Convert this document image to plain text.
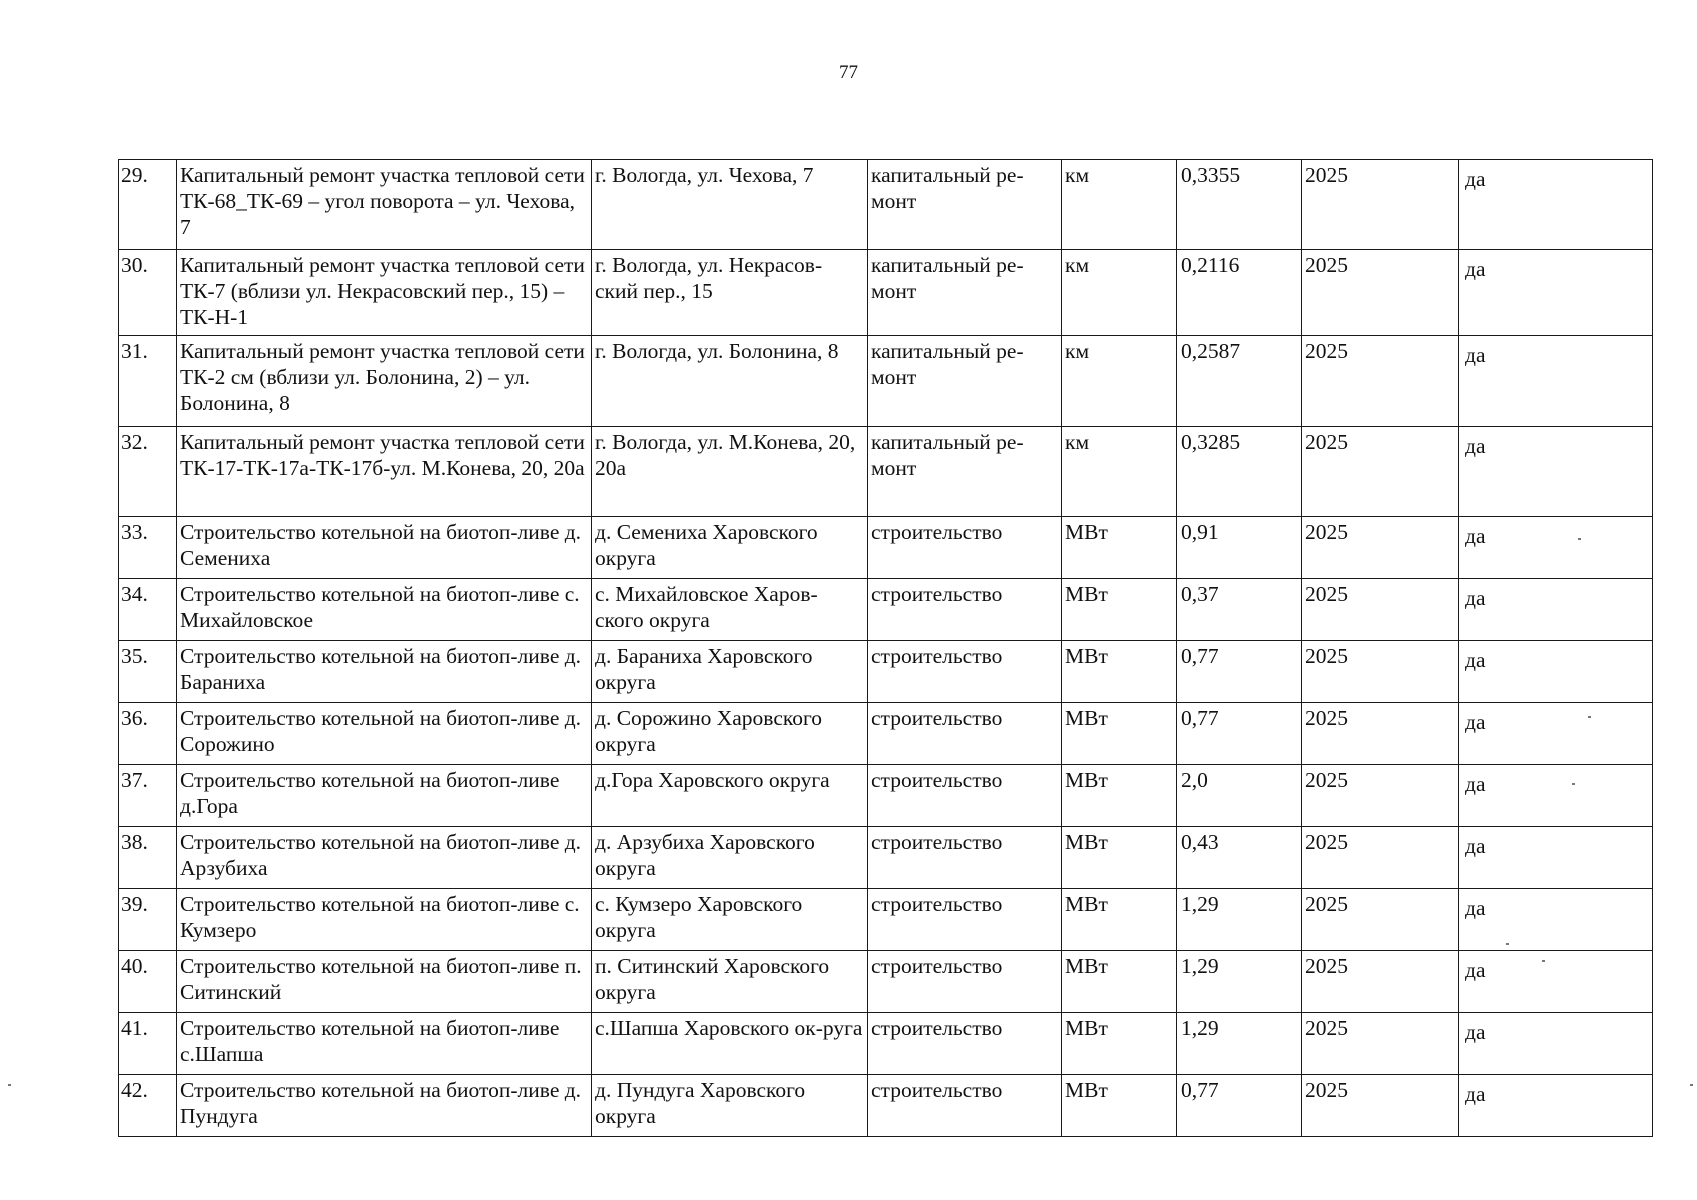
77
29.	Капитальный ремонт участка тепловой сети ТК-68_ТК-69 – угол поворота – ул. Чехова, 7	г. Вологда, ул. Чехова, 7	капитальный ре-монт	км	0,3355	2025	да
30.	Капитальный ремонт участка тепловой сети ТК-7 (вблизи ул. Некрасовский пер., 15) – ТК-Н-1	г. Вологда, ул. Некрасов-ский пер., 15	капитальный ре-монт	км	0,2116	2025	да
31.	Капитальный ремонт участка тепловой сети ТК-2 см (вблизи ул. Болонина, 2) – ул. Болонина, 8	г. Вологда, ул. Болонина, 8	капитальный ре-монт	км	0,2587	2025	да
32.	Капитальный ремонт участка тепловой сети ТК-17-ТК-17а-ТК-17б-ул. М.Конева, 20, 20а	г. Вологда, ул. М.Конева, 20, 20а	капитальный ре-монт	км	0,3285	2025	да
33.	Строительство котельной на биотоп-ливе д. Семениха	д. Семениха Харовского округа	строительство	МВт	0,91	2025	да
34.	Строительство котельной на биотоп-ливе с. Михайловское	с. Михайловское Харов-ского округа	строительство	МВт	0,37	2025	да
35.	Строительство котельной на биотоп-ливе д. Бараниха	д. Бараниха Харовского округа	строительство	МВт	0,77	2025	да
36.	Строительство котельной на биотоп-ливе д. Сорожино	д. Сорожино Харовского округа	строительство	МВт	0,77	2025	да
37.	Строительство котельной на биотоп-ливе д.Гора	д.Гора Харовского округа	строительство	МВт	2,0	2025	да
38.	Строительство котельной на биотоп-ливе д. Арзубиха	д. Арзубиха Харовского округа	строительство	МВт	0,43	2025	да
39.	Строительство котельной на биотоп-ливе с. Кумзеро	с. Кумзеро Харовского округа	строительство	МВт	1,29	2025	да
40.	Строительство котельной на биотоп-ливе п. Ситинский	п. Ситинский Харовского округа	строительство	МВт	1,29	2025	да
41.	Строительство котельной на биотоп-ливе с.Шапша	с.Шапша Харовского ок-руга	строительство	МВт	1,29	2025	да
42.	Строительство котельной на биотоп-ливе д. Пундуга	д. Пундуга Харовского округа	строительство	МВт	0,77	2025	да
